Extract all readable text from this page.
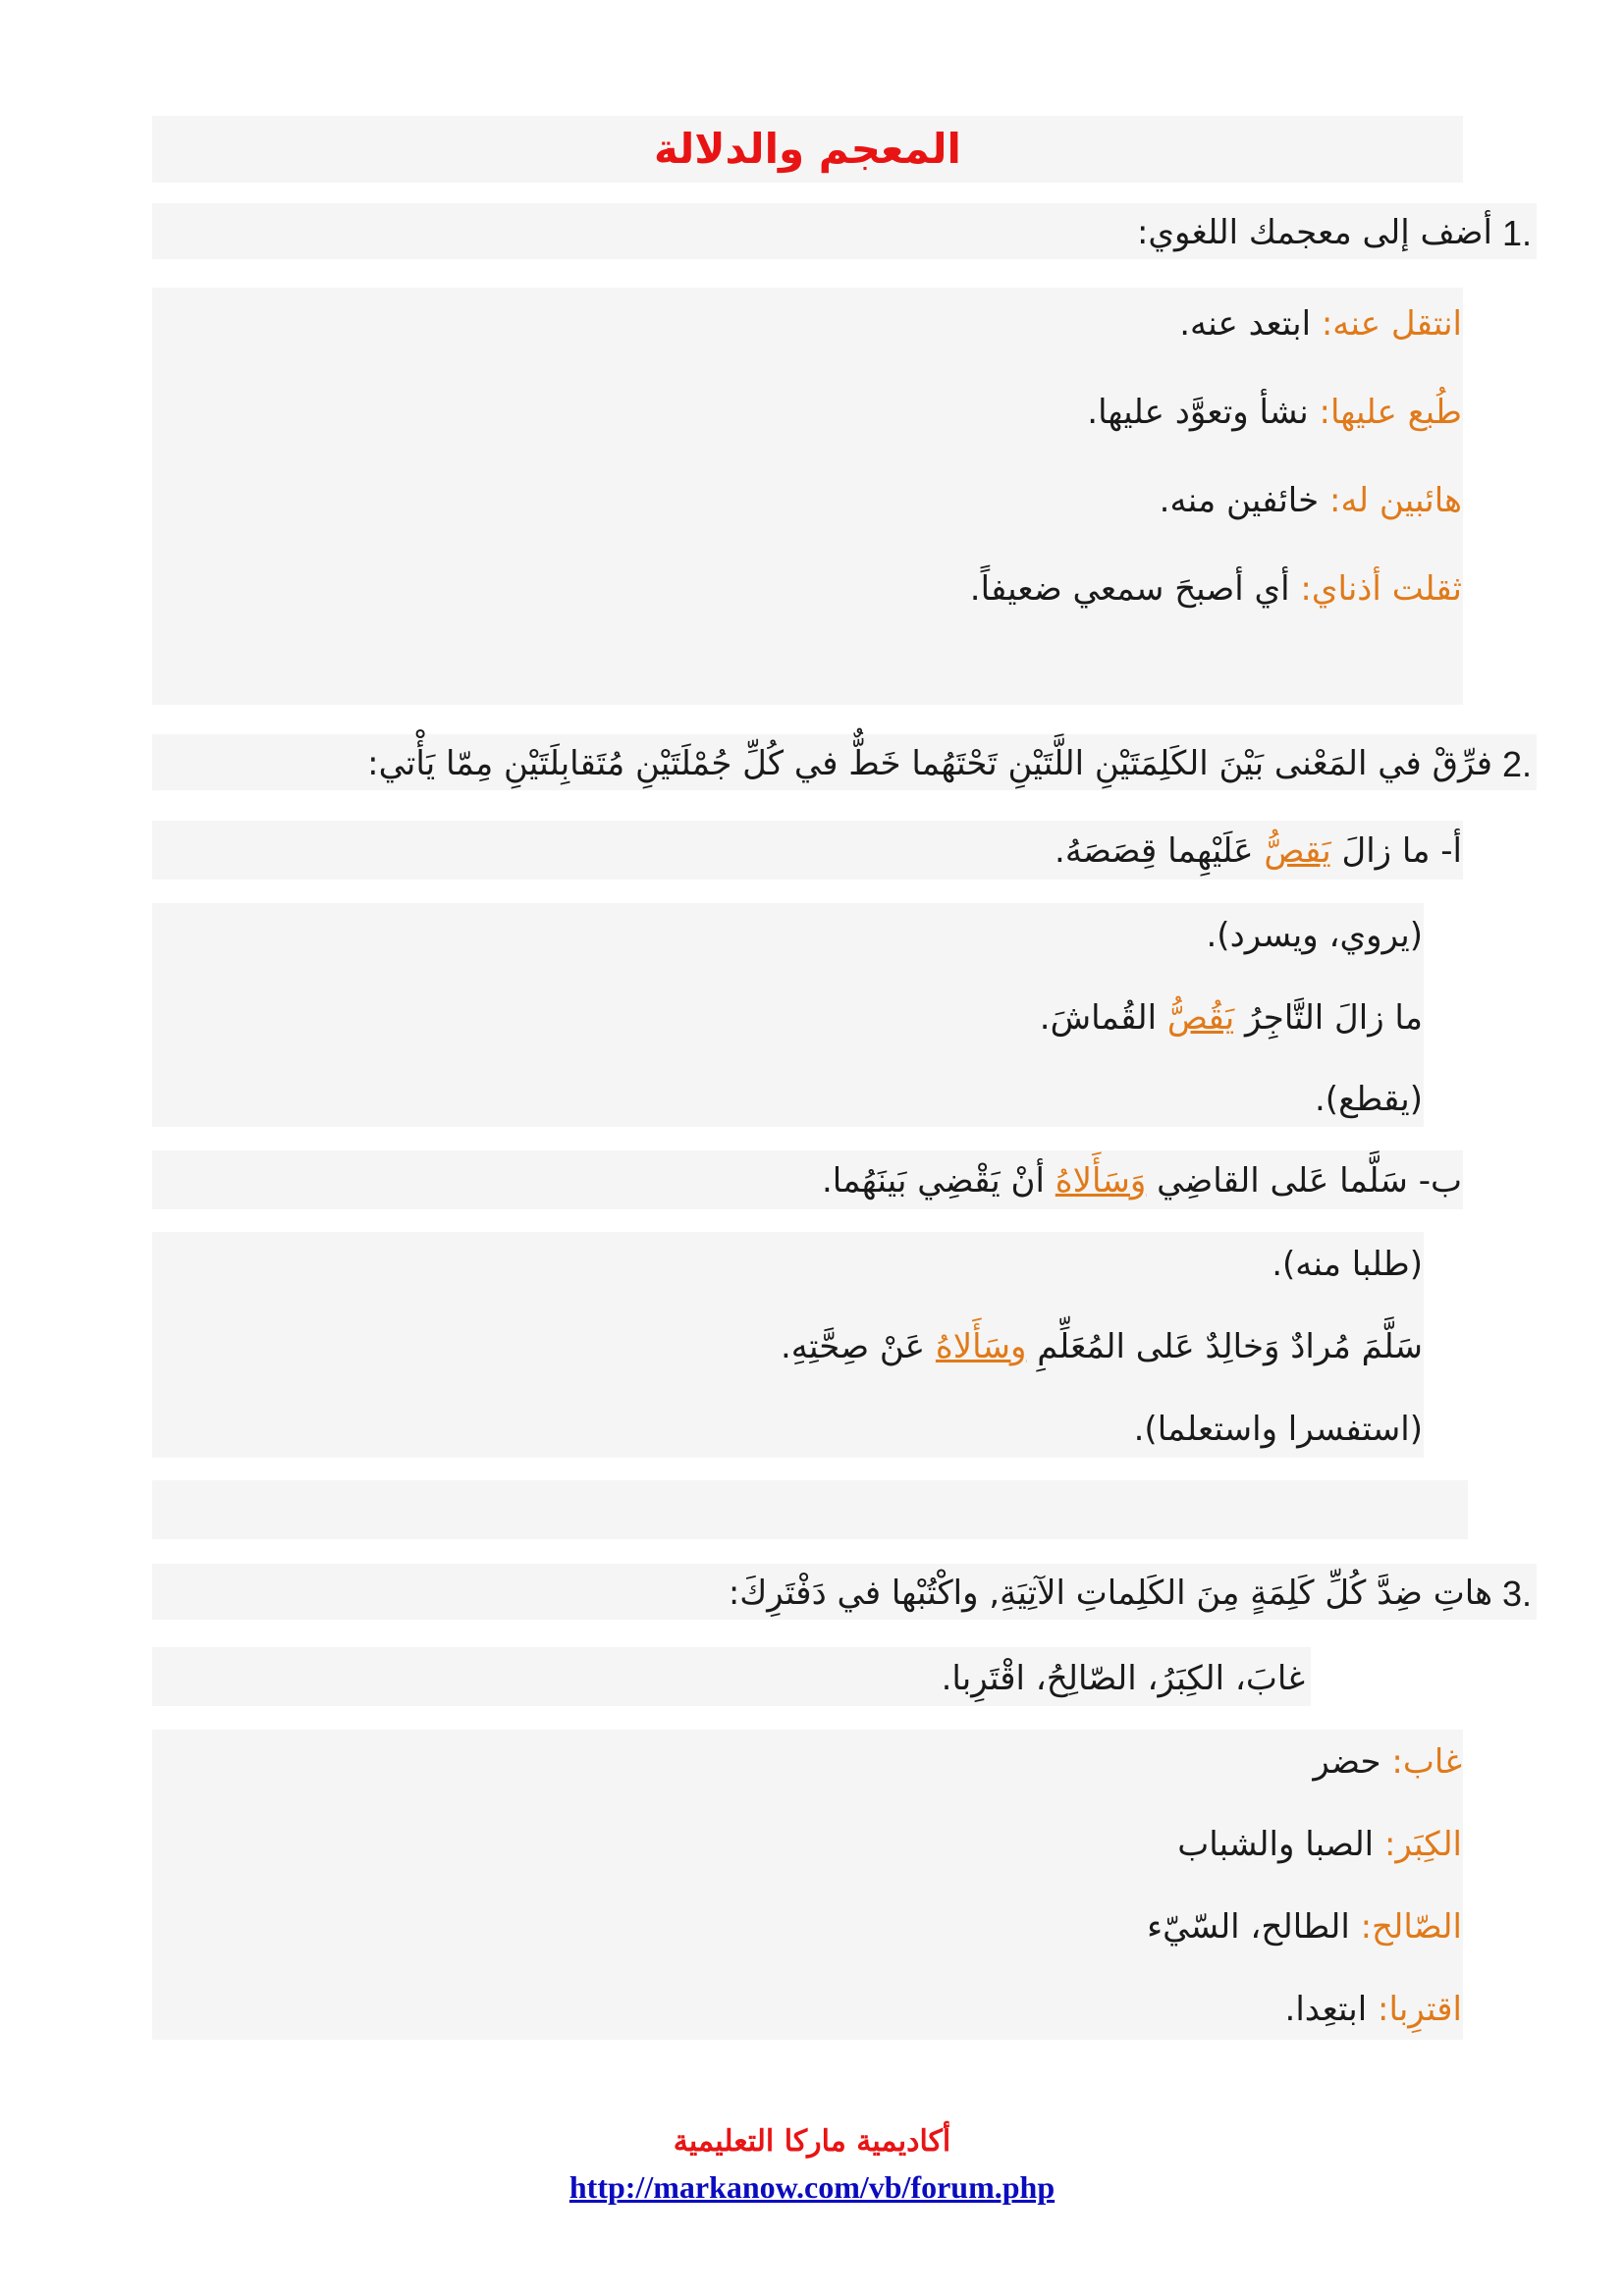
المعجم والدلالة
1.
أضف إلى معجمك اللغوي:
انتقل عنه: ابتعد عنه.
طُبع عليها: نشأ وتعوَّد عليها.
هائبين له: خائفين منه.
ثقلت أذناي: أي أصبحَ سمعي ضعيفاً.
2.
فرِّقْ في المَعْنى بَيْنَ الكَلِمَتَيْنِ اللَّتَيْنِ تَحْتَهُما خَطٌّ في كُلِّ جُمْلَتَيْنِ مُتَقابِلَتَيْنِ مِمّا يَأْتي:
أ- ما زالَ يَقصُّ عَلَيْهِما قِصَصَهُ.
(يروي، ويسرد).
ما زالَ التَّاجِرُ يَقُصُّ القُماشَ.
(يقطع).
ب- سَلَّما عَلى القاضِي وَسَأَلاهُ أنْ يَقْضِي بَينَهُما.
(طلبا منه).
سَلَّمَ مُرادٌ وَخالِدٌ عَلى المُعَلِّمِ وسَأَلاهُ عَنْ صِحَّتِهِ.
(استفسرا واستعلما).
3.
هاتِ ضِدَّ كُلِّ كَلِمَةٍ مِنَ الكَلِماتِ الآتِيَةِ, واكْتُبْها في دَفْتَرِكَ:
غابَ، الكِبَرُ، الصّالِحُ، اقْتَرِبا.
غاب: حضر
الكِبَر: الصبا والشباب
الصّالح: الطالح، السّيّء
اقترِبا: ابتعِدا.
أكاديمية ماركا التعليمية
http://markanow.com/vb/forum.php
